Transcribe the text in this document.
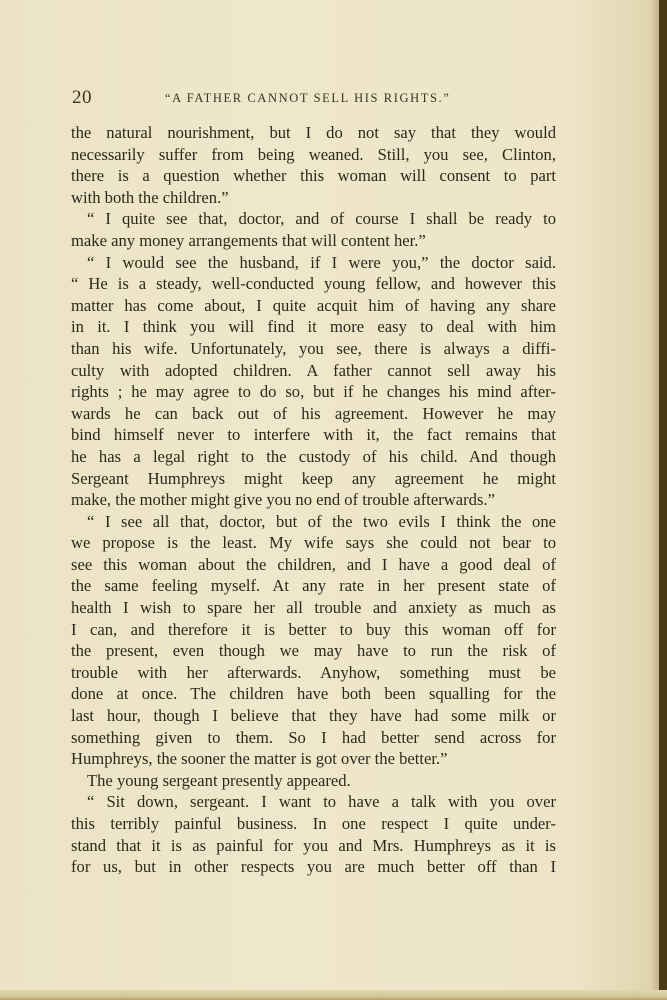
20	“A FATHER CANNOT SELL HIS RIGHTS.”
the natural nourishment, but I do not say that they would
necessarily suffer from being weaned. Still, you see, Clinton,
there is a question whether this woman will consent to part
with both the children.”
“ I quite see that, doctor, and of course I shall be ready to
make any money arrangements that will content her.”
“ I would see the husband, if I were you,” the doctor said.
“ He is a steady, well-conducted young fellow, and however this
matter has come about, I quite acquit him of having any share
in it. I think you will find it more easy to deal with him
than his wife. Unfortunately, you see, there is always a diffi-
culty with adopted children. A father cannot sell away his
rights ; he may agree to do so, but if he changes his mind after-
wards he can back out of his agreement. However he may
bind himself never to interfere with it, the fact remains that
he has a legal right to the custody of his child. And though
Sergeant Humphreys might keep any agreement he might
make, the mother might give you no end of trouble afterwards.”
“ I see all that, doctor, but of the two evils I think the one
we propose is the least. My wife says she could not bear to
see this woman about the children, and I have a good deal of
the same feeling myself. At any rate in her present state of
health I wish to spare her all trouble and anxiety as much as
I can, and therefore it is better to buy this woman off for
the present, even though we may have to run the risk of
trouble with her afterwards. Anyhow, something must be
done at once. The children have both been squalling for the
last hour, though I believe that they have had some milk or
something given to them. So I had better send across for
Humphreys, the sooner the matter is got over the better.”
The young sergeant presently appeared.
“ Sit down, sergeant. I want to have a talk with you over
this terribly painful business. In one respect I quite under-
stand that it is as painful for you and Mrs. Humphreys as it is
for us, but in other respects you are much better off than I
